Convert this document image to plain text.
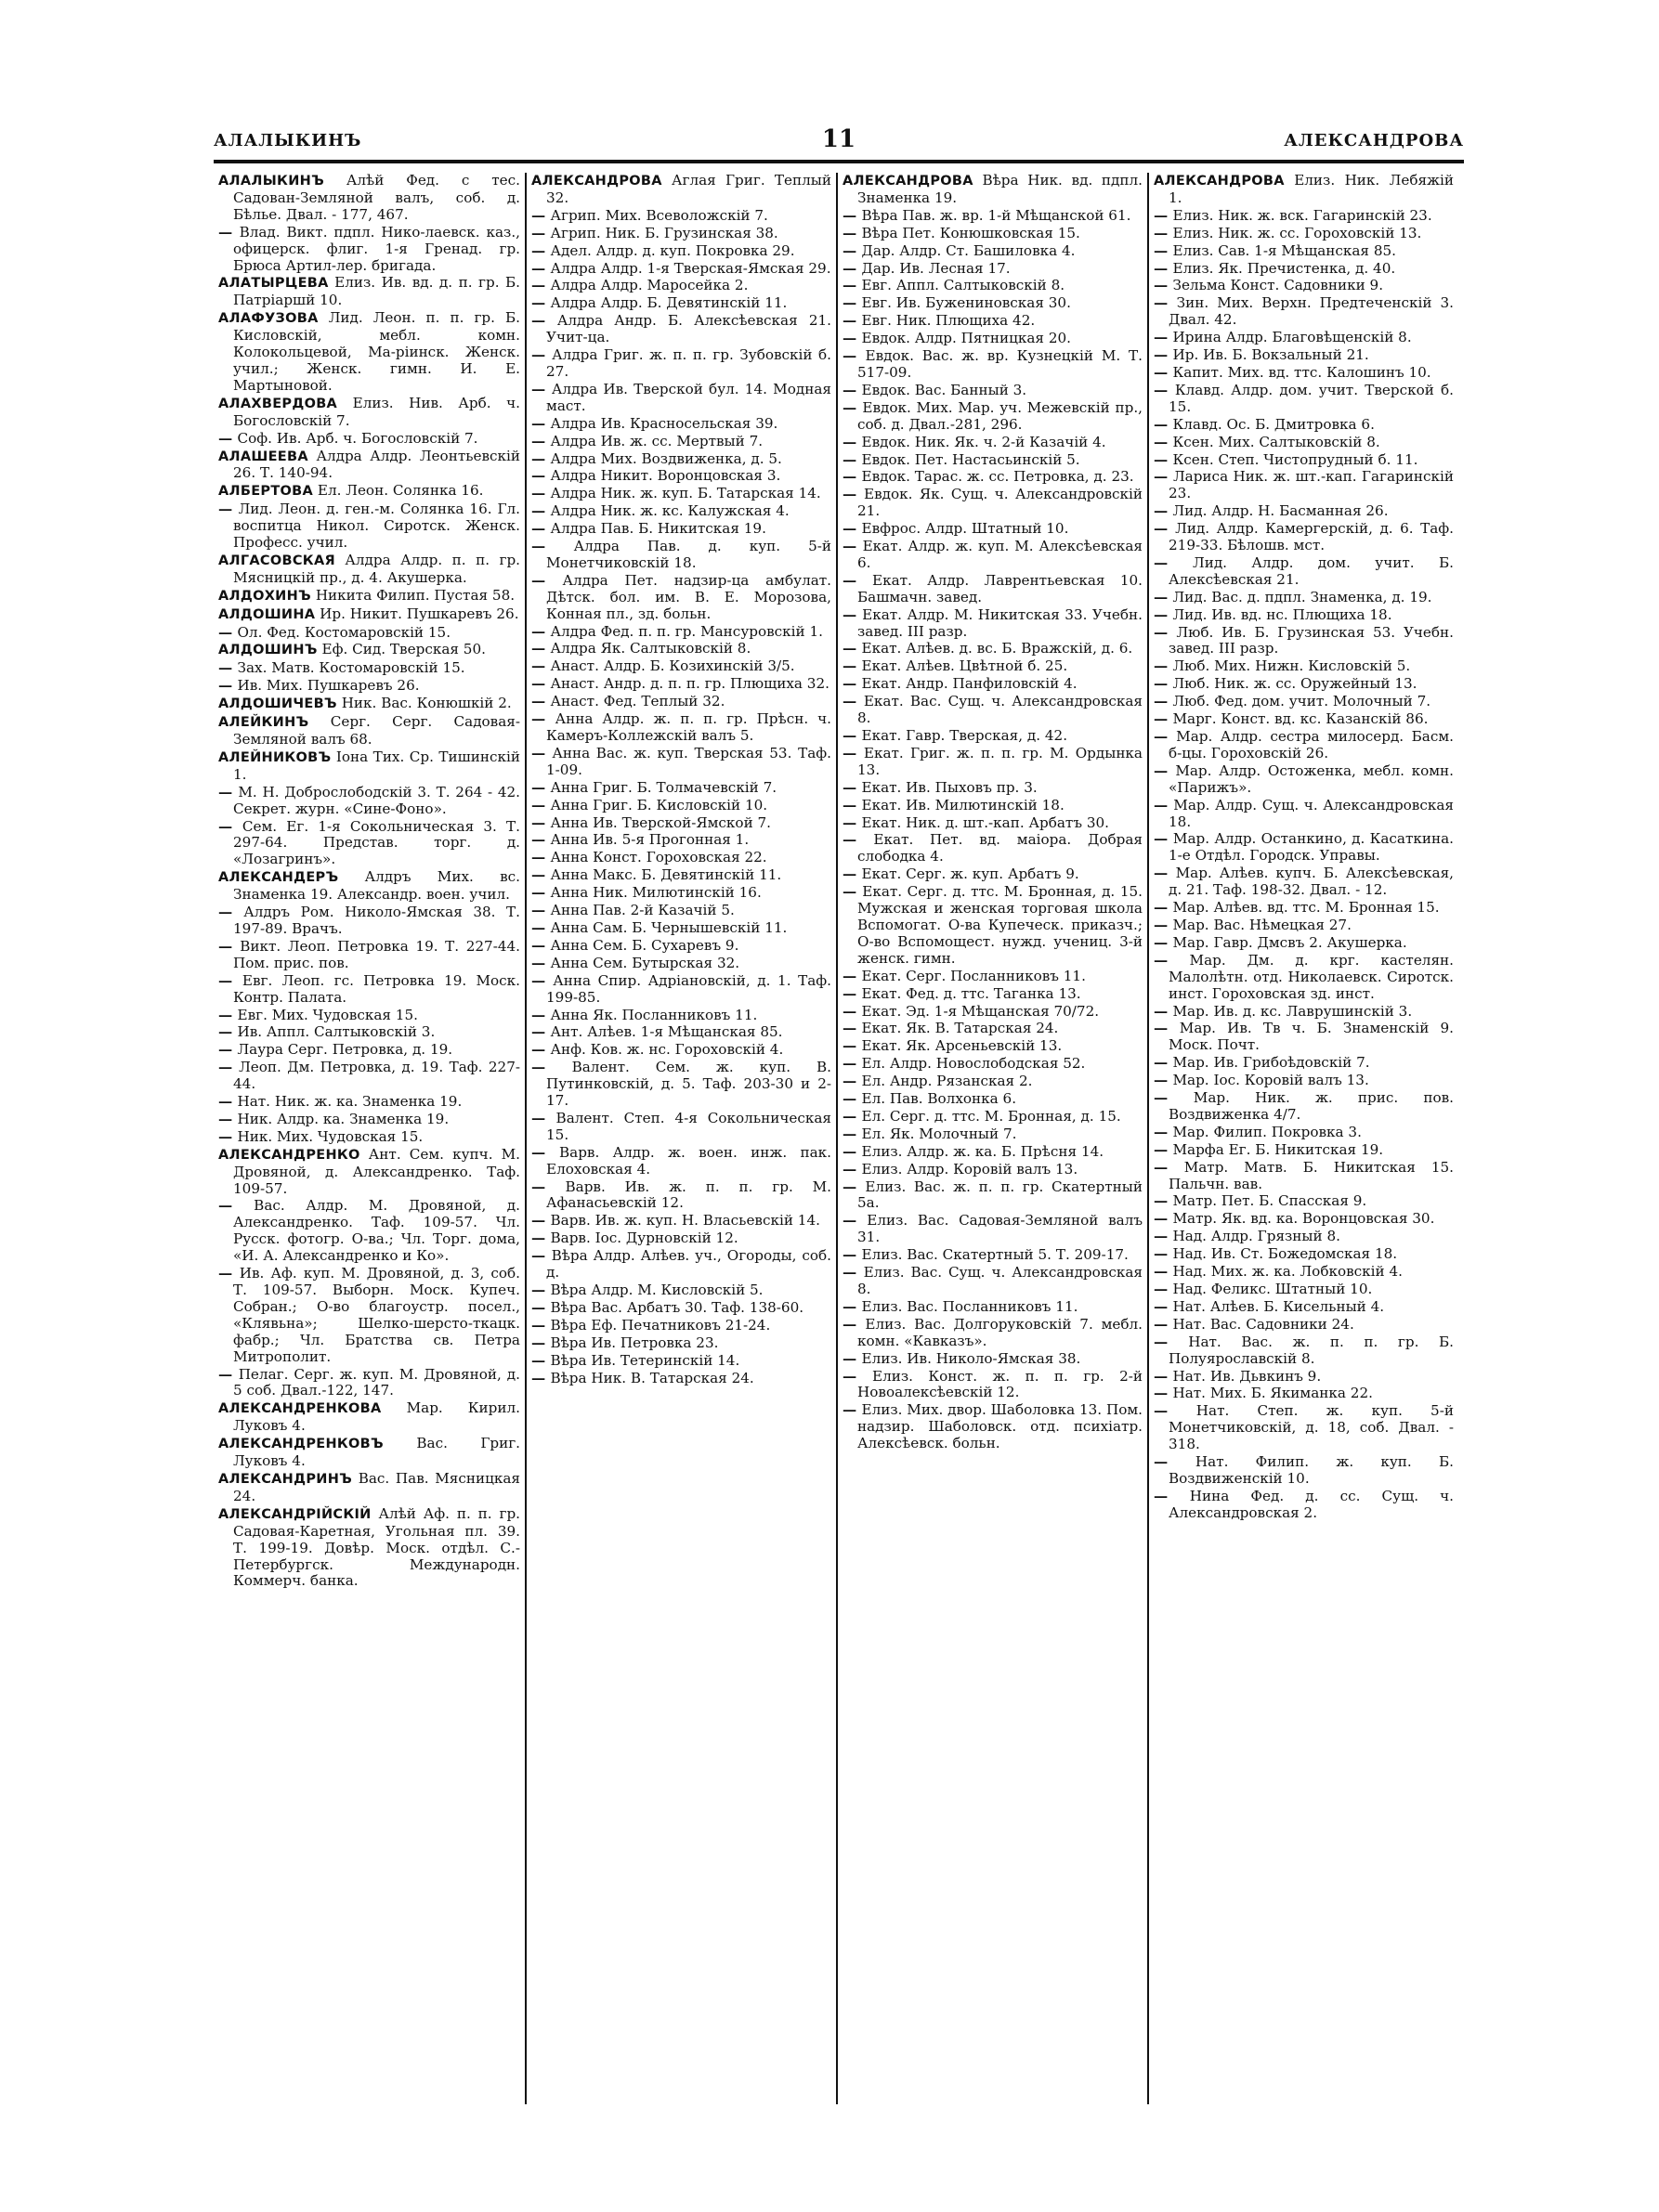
АЛАЛЫКИНЪ	11	АЛЕКСАНДРОВА
АЛАЛЫКИНЪ Алѣй Фед. с тес. Садован-Земляной валъ, соб. д. Бѣлье. Двал. - 177, 467.
— Влад. Викт. пдпл. Нико-лаевск. каз., офицерск. флиг. 1-я Гренад. гр. Брюса Артил-лер. бригада.
АЛАТЫРЦЕВА Елиз. Ив. вд. д. п. гр. Б. Патріаршй 10.
АЛАФУЗОВА Лид. Леон. п. п. гр. Б. Кисловскій, мебл. комн. Колокольцевой, Ма-ріинск. Женск. учил.; Женск. гимн. И. Е. Мартыновой.
АЛАХВЕРДОВА Елиз. Нив. Арб. ч. Богословскій 7.
— Соф. Ив. Арб. ч. Богословскій 7.
АЛАШЕЕВА Алдра Алдр. Леонтьевскій 26. Т. 140-94.
АЛБЕРТОВА Ел. Леон. Солянка 16.
— Лид. Леон. д. ген.-м. Солянка 16. Гл. воспитца Никол. Сиротск. Женск. Професс. учил.
АЛГАСОВСКАЯ Алдра Алдр. п. п. гр. Мясницкій пр., д. 4. Акушерка.
АЛДОХИНЪ Никита Филип. Пустая 58.
АЛДОШИНА Ир. Никит. Пушкаревъ 26.
— Ол. Фед. Костомаровскій 15.
АЛДОШИНЪ Еф. Сид. Тверская 50.
— Зах. Матв. Костомаровскій 15.
— Ив. Мих. Пушкаревъ 26.
АЛДОШИЧЕВЪ Ник. Вас. Конюшкій 2.
АЛЕЙКИНЪ Серг. Серг. Садовая-Земляной валъ 68.
АЛЕЙНИКОВЪ Іона Тих. Ср. Тишинскій 1.
— М. Н. Доброслободскій 3. Т. 264 - 42. Секрет. журн. «Сине-Фоно».
— Сем. Ег. 1-я Сокольническая 3. Т. 297-64. Представ. торг. д. «Лозагринъ».
АЛЕКСАНДЕРЪ Алдръ Мих. вс. Знаменка 19. Александр. воен. учил.
— Алдръ Ром. Николо-Ямская 38. Т. 197-89. Врачъ.
— Викт. Леоп. Петровка 19. Т. 227-44. Пом. прис. пов.
— Евг. Леоп. гс. Петровка 19. Моск. Контр. Палата.
— Евг. Мих. Чудовская 15.
— Ив. Аппл. Салтыковскій 3.
— Лаура Серг. Петровка, д. 19.
— Леоп. Дм. Петровка, д. 19. Таф. 227-44.
— Нат. Ник. ж. ка. Знаменка 19.
— Ник. Алдр. ка. Знаменка 19.
— Ник. Мих. Чудовская 15.
АЛЕКСАНДРЕНКО Ант. Сем. купч. М. Дровяной, д. Александренко. Таф. 109-57.
— Вас. Алдр. М. Дровяной, д. Александренко. Таф. 109-57. Чл. Русск. фотогр. О-ва.; Чл. Торг. дома, «И. А. Александренко и Ко».
— Ив. Аф. куп. М. Дровяной, д. 3, соб. Т. 109-57. Выборн. Моск. Купеч. Собран.; О-во благоустр. посел., «Клявьна»; Шелко-шерсто-ткацк. фабр.; Чл. Братства св. Петра Митрополит.
— Пелаг. Серг. ж. куп. М. Дровяной, д. 5 соб. Двал.-122, 147.
АЛЕКСАНДРЕНКОВА Мар. Кирил. Луковъ 4.
АЛЕКСАНДРЕНКОВЪ Вас. Григ. Луковъ 4.
АЛЕКСАНДРИНЪ Вас. Пав. Мясницкая 24.
АЛЕКСАНДРІЙСКІЙ Алѣй Аф. п. п. гр. Садовая-Каретная, Угольная пл. 39. Т. 199-19. Довѣр. Моск. отдѣл. С.-Петербургск. Международн. Коммерч. банка.
АЛЕКСАНДРОВА Аглая Григ. Теплый 32.
— Агрип. Мих. Всеволожскій 7.
— Агрип. Ник. Б. Грузинская 38.
— Адел. Алдр. д. куп. Покровка 29.
— Алдра Алдр. 1-я Тверская-Ямская 29.
— Алдра Алдр. Маросейка 2.
— Алдра Алдр. Б. Девятинскій 11.
— Алдра Андр. Б. Алексѣевская 21. Учит-ца.
— Алдра Григ. ж. п. п. гр. Зубовскій б. 27.
— Алдра Ив. Тверской бул. 14. Модная маст.
— Алдра Ив. Красносельская 39.
— Алдра Ив. ж. сс. Мертвый 7.
— Алдра Мих. Воздвиженка, д. 5.
— Алдра Никит. Воронцовская 3.
— Алдра Ник. ж. куп. Б. Татарская 14.
— Алдра Ник. ж. кс. Калужская 4.
— Алдра Пав. Б. Никитская 19.
— Алдра Пав. д. куп. 5-й Монетчиковскій 18.
— Алдра Пет. надзир-ца амбулат. Дѣтск. бол. им. В. Е. Морозова, Конная пл., зд. больн.
— Алдра Фед. п. п. гр. Мансуровскій 1.
— Алдра Як. Салтыковскій 8.
— Анаст. Алдр. Б. Козихинскій 3/5.
— Анаст. Андр. д. п. п. гр. Плющиха 32.
— Анаст. Фед. Теплый 32.
— Анна Алдр. ж. п. п. гр. Прѣсн. ч. Камеръ-Коллежскій валъ 5.
— Анна Вас. ж. куп. Тверская 53. Таф. 1-09.
— Анна Григ. Б. Толмачевскій 7.
— Анна Григ. Б. Кисловскій 10.
— Анна Ив. Тверской-Ямской 7.
— Анна Ив. 5-я Прогонная 1.
— Анна Конст. Гороховская 22.
— Анна Макс. Б. Девятинскій 11.
— Анна Ник. Милютинскій 16.
— Анна Пав. 2-й Казачій 5.
— Анна Сам. Б. Чернышевскій 11.
— Анна Сем. Б. Сухаревъ 9.
— Анна Сем. Бутырская 32.
— Анна Спир. Адріановскій, д. 1. Таф. 199-85.
— Анна Як. Посланниковъ 11.
— Ант. Алѣев. 1-я Мѣщанская 85.
— Анф. Ков. ж. нс. Гороховскій 4.
— Валент. Сем. ж. куп. В. Путинковскій, д. 5. Таф. 203-30 и 2-17.
— Валент. Степ. 4-я Сокольническая 15.
— Варв. Алдр. ж. воен. инж. пак. Елоховская 4.
— Варв. Ив. ж. п. п. гр. М. Афанасьевскій 12.
— Варв. Ив. ж. куп. Н. Власьевскій 14.
— Варв. Іос. Дурновскій 12.
— Вѣра Алдр. Алѣев. уч., Огороды, соб. д.
— Вѣра Алдр. М. Кисловскій 5.
— Вѣра Вас. Арбатъ 30. Таф. 138-60.
— Вѣра Еф. Печатниковъ 21-24.
— Вѣра Ив. Петровка 23.
— Вѣра Ив. Тетеринскій 14.
— Вѣра Ник. В. Татарская 24.
АЛЕКСАНДРОВА Вѣра Ник. вд. пдпл. Знаменка 19.
— Вѣра Пав. ж. вр. 1-й Мѣщанской 61.
— Вѣра Пет. Конюшковская 15.
— Дар. Алдр. Ст. Башиловка 4.
— Дар. Ив. Лесная 17.
— Евг. Аппл. Салтыковскій 8.
— Евг. Ив. Бужениновская 30.
— Евг. Ник. Плющиха 42.
— Евдок. Алдр. Пятницкая 20.
— Евдок. Вас. ж. вр. Кузнецкій М. Т. 517-09.
— Евдок. Вас. Банный 3.
— Евдок. Мих. Мар. уч. Межевскій пр., соб. д. Двал.-281, 296.
— Евдок. Ник. Як. ч. 2-й Казачій 4.
— Евдок. Пет. Настасьинскій 5.
— Евдок. Тарас. ж. сс. Петровка, д. 23.
— Евдок. Як. Сущ. ч. Александровскій 21.
— Евфрос. Алдр. Штатный 10.
— Екат. Алдр. ж. куп. М. Алексѣевская 6.
— Екат. Алдр. Лаврентьевская 10. Башмачн. завед.
— Екат. Алдр. М. Никитская 33. Учебн. завед. III разр.
— Екат. Алѣев. д. вс. Б. Вражскій, д. 6.
— Екат. Алѣев. Цвѣтной б. 25.
— Екат. Андр. Панфиловскій 4.
— Екат. Вас. Сущ. ч. Александровская 8.
— Екат. Гавр. Тверская, д. 42.
— Екат. Григ. ж. п. п. гр. М. Ордынка 13.
— Екат. Ив. Пыховъ пр. 3.
— Екат. Ив. Милютинскій 18.
— Екат. Ник. д. шт.-кап. Арбатъ 30.
— Екат. Пет. вд. маіора. Добрая слободка 4.
— Екат. Серг. ж. куп. Арбатъ 9.
— Екат. Серг. д. ттс. М. Бронная, д. 15. Мужская и женская торговая школа Вспомогат. О-ва Купеческ. приказч.; О-во Вспомощест. нужд. учениц. 3-й женск. гимн.
— Екат. Серг. Посланниковъ 11.
— Екат. Фед. д. ттс. Таганка 13.
— Екат. Эд. 1-я Мѣщанская 70/72.
— Екат. Як. В. Татарская 24.
— Екат. Як. Арсеньевскій 13.
— Ел. Алдр. Новослободская 52.
— Ел. Андр. Рязанская 2.
— Ел. Пав. Волхонка 6.
— Ел. Серг. д. ттс. М. Бронная, д. 15.
— Ел. Як. Молочный 7.
— Елиз. Алдр. ж. ка. Б. Прѣсня 14.
— Елиз. Алдр. Коровій валъ 13.
— Елиз. Вас. ж. п. п. гр. Скатертный 5а.
— Елиз. Вас. Садовая-Земляной валъ 31.
— Елиз. Вас. Скатертный 5. Т. 209-17.
— Елиз. Вас. Сущ. ч. Александровская 8.
— Елиз. Вас. Посланниковъ 11.
— Елиз. Вас. Долгоруковскій 7. мебл. комн. «Кавказъ».
— Елиз. Ив. Николо-Ямская 38.
— Елиз. Конст. ж. п. п. гр. 2-й Новоалексѣевскій 12.
— Елиз. Мих. двор. Шаболовка 13. Пом. надзир. Шаболовск. отд. психіатр. Алексѣевск. больн.
АЛЕКСАНДРОВА Елиз. Ник. Лебяжій 1.
— Елиз. Ник. ж. вск. Гагаринскій 23.
— Елиз. Ник. ж. сс. Гороховскій 13.
— Елиз. Сав. 1-я Мѣщанская 85.
— Елиз. Як. Пречистенка, д. 40.
— Зельма Конст. Садовники 9.
— Зин. Мих. Верхн. Предтеченскій 3. Двал. 42.
— Ирина Алдр. Благовѣщенскій 8.
— Ир. Ив. Б. Вокзальный 21.
— Капит. Мих. вд. ттс. Калошинъ 10.
— Клавд. Алдр. дом. учит. Тверской б. 15.
— Клавд. Ос. Б. Дмитровка 6.
— Ксен. Мих. Салтыковскій 8.
— Ксен. Степ. Чистопрудный б. 11.
— Лариса Ник. ж. шт.-кап. Гагаринскій 23.
— Лид. Алдр. Н. Басманная 26.
— Лид. Алдр. Камергерскій, д. 6. Таф. 219-33. Бѣлошв. мст.
— Лид. Алдр. дом. учит. Б. Алексѣевская 21.
— Лид. Вас. д. пдпл. Знаменка, д. 19.
— Лид. Ив. вд. нс. Плющиха 18.
— Люб. Ив. Б. Грузинская 53. Учебн. завед. III разр.
— Люб. Мих. Нижн. Кисловскій 5.
— Люб. Ник. ж. сс. Оружейный 13.
— Люб. Фед. дом. учит. Молочный 7.
— Марг. Конст. вд. кс. Казанскій 86.
— Мар. Алдр. сестра милосерд. Басм. б-цы. Гороховскій 26.
— Мар. Алдр. Остоженка, мебл. комн. «Парижъ».
— Мар. Алдр. Сущ. ч. Александровская 18.
— Мар. Алдр. Останкино, д. Касаткина. 1-е Отдѣл. Городск. Управы.
— Мар. Алѣев. купч. Б. Алексѣевская, д. 21. Таф. 198-32. Двал. - 12.
— Мар. Алѣев. вд. ттс. М. Бронная 15.
— Мар. Вас. Нѣмецкая 27.
— Мар. Гавр. Дмсвъ 2. Акушерка.
— Мар. Дм. д. крг. кастелян. Малолѣтн. отд. Николаевск. Сиротск. инст. Гороховская зд. инст.
— Мар. Ив. д. кс. Лаврушинскій 3.
— Мар. Ив. Тв ч. Б. Знаменскій 9. Моск. Почт.
— Мар. Ив. Грибоѣдовскій 7.
— Мар. Іос. Коровій валъ 13.
— Мар. Ник. ж. прис. пов. Воздвиженка 4/7.
— Мар. Филип. Покровка 3.
— Марфа Ег. Б. Никитская 19.
— Матр. Матв. Б. Никитская 15. Пальчн. вав.
— Матр. Пет. Б. Спасская 9.
— Матр. Як. вд. ка. Воронцовская 30.
— Над. Алдр. Грязный 8.
— Над. Ив. Ст. Божедомская 18.
— Над. Мих. ж. ка. Лобковскій 4.
— Над. Феликс. Штатный 10.
— Нат. Алѣев. Б. Кисельный 4.
— Нат. Вас. Садовники 24.
— Нат. Вас. ж. п. п. гр. Б. Полуярославскій 8.
— Нат. Ив. Дьвкинъ 9.
— Нат. Мих. Б. Якиманка 22.
— Нат. Степ. ж. куп. 5-й Монетчиковскій, д. 18, соб. Двал. - 318.
— Нат. Филип. ж. куп. Б. Воздвиженскій 10.
— Нина Фед. д. сс. Сущ. ч. Александровская 2.
